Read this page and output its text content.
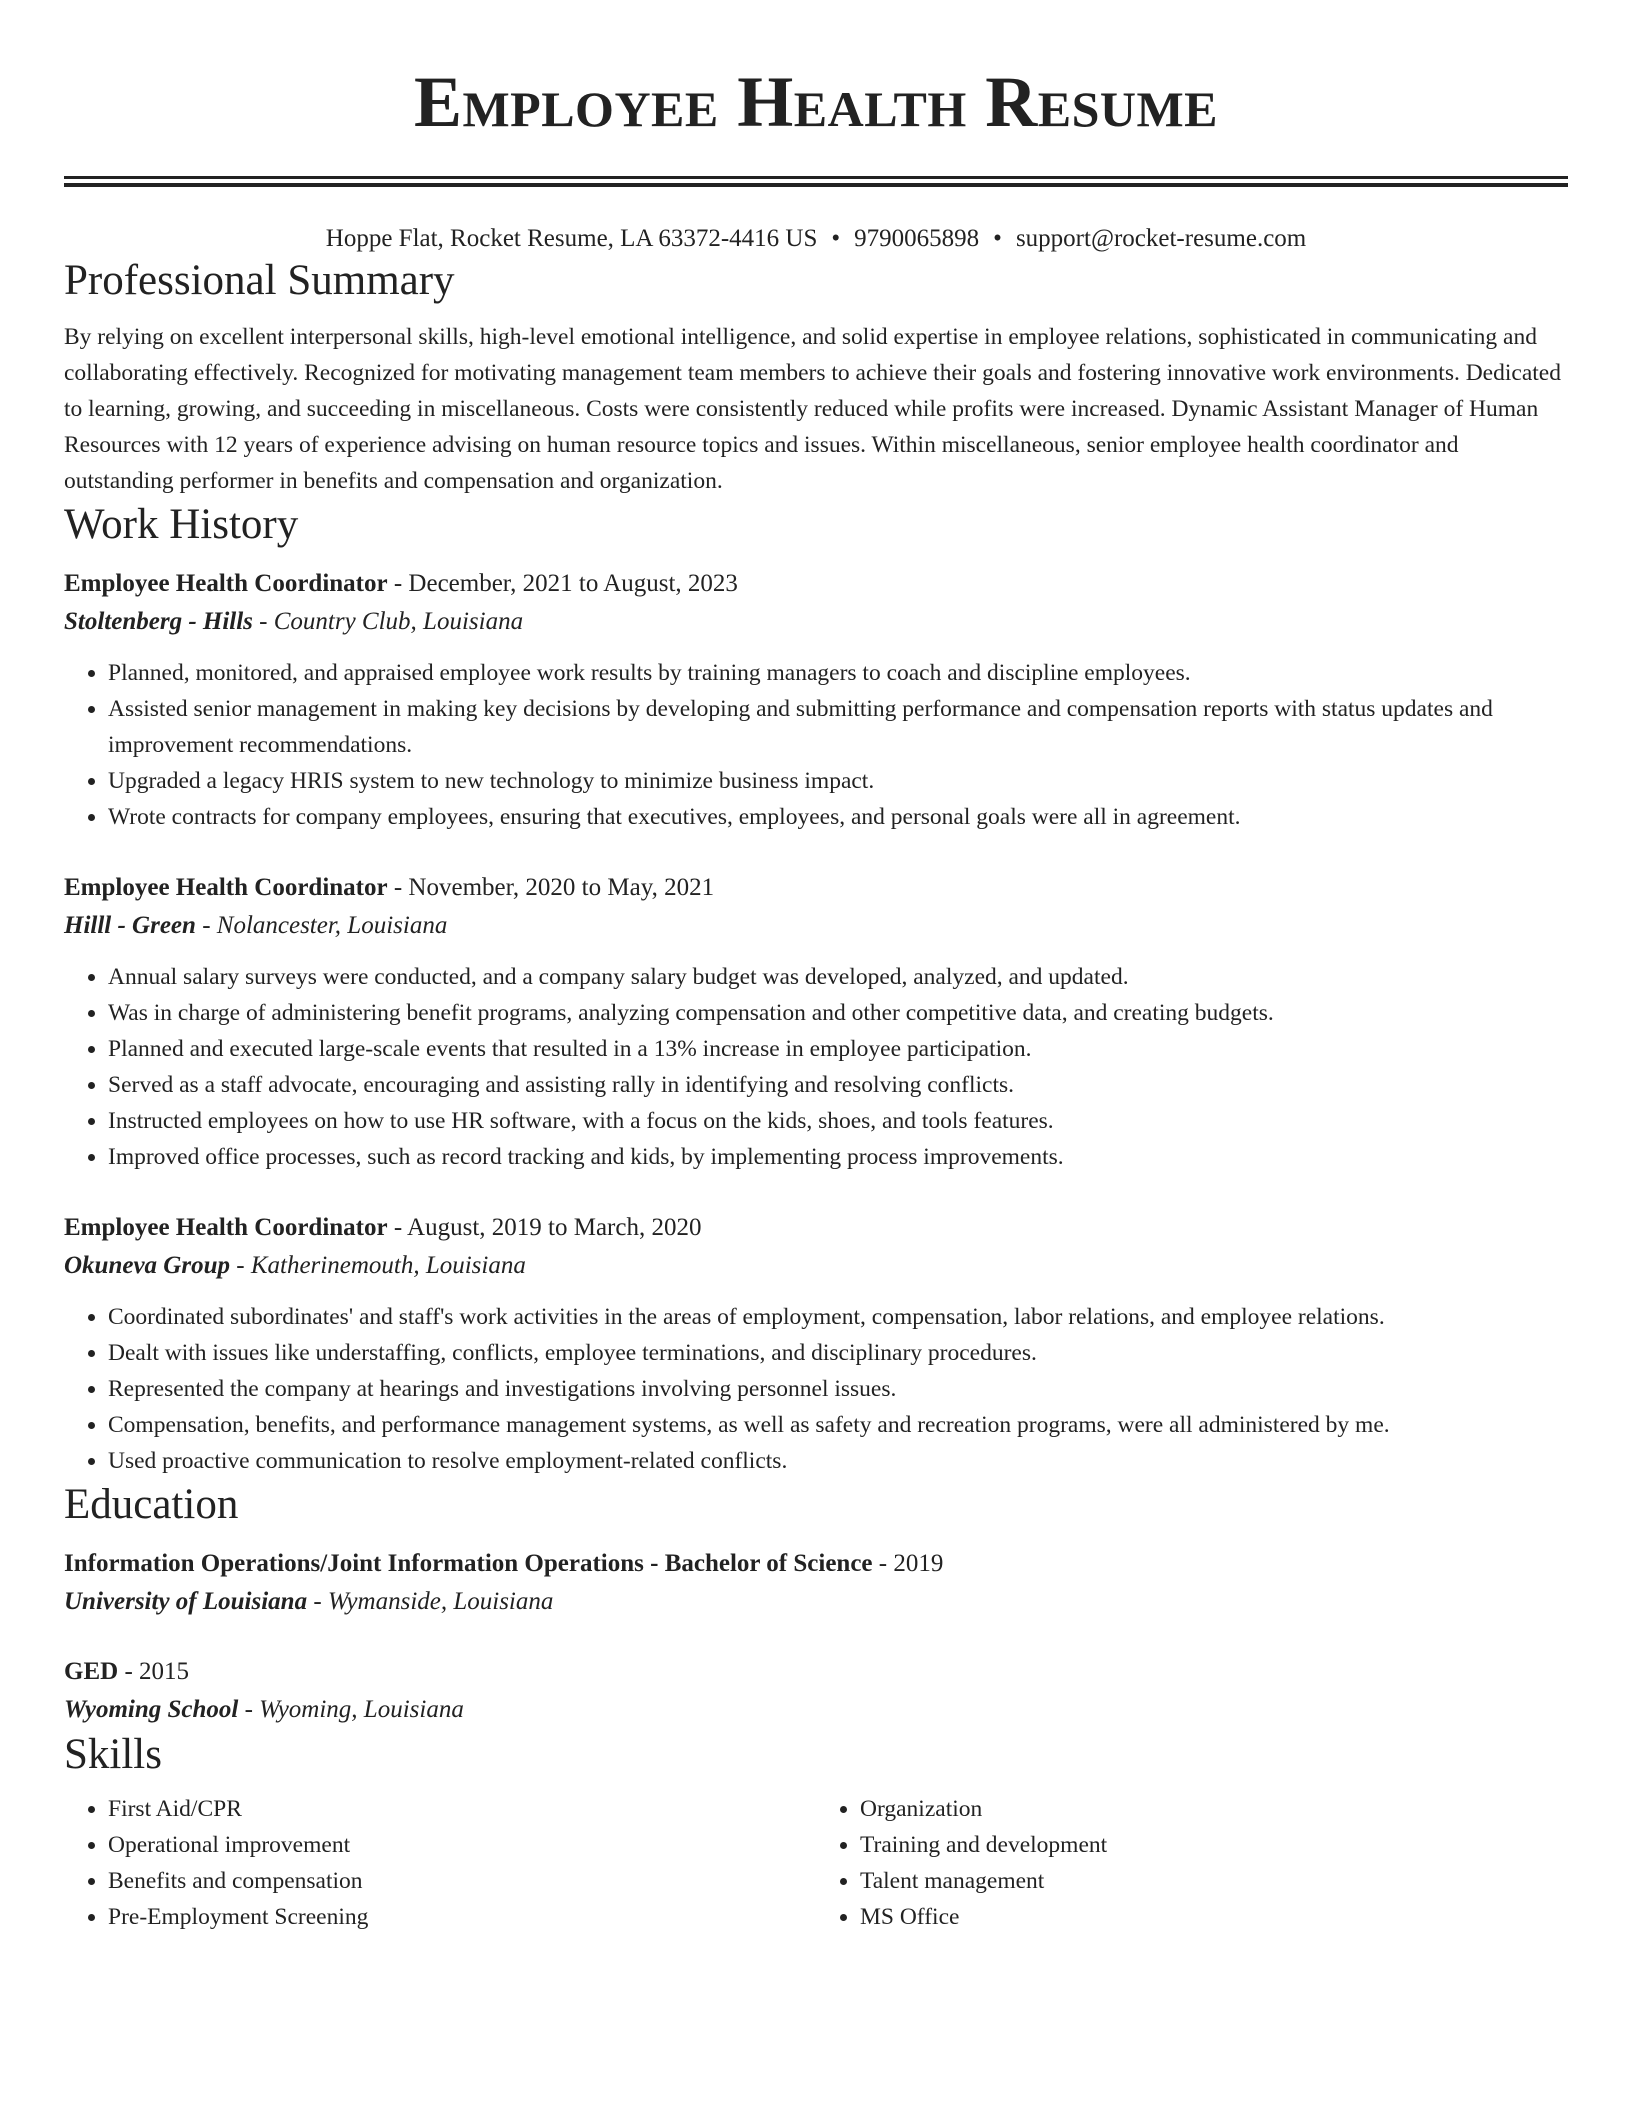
Employee Health Resume
Hoppe Flat, Rocket Resume, LA 63372-4416 US • 9790065898 • support@rocket-resume.com
Professional Summary
By relying on excellent interpersonal skills, high-level emotional intelligence, and solid expertise in employee relations, sophisticated in communicating and collaborating effectively. Recognized for motivating management team members to achieve their goals and fostering innovative work environments. Dedicated to learning, growing, and succeeding in miscellaneous. Costs were consistently reduced while profits were increased. Dynamic Assistant Manager of Human Resources with 12 years of experience advising on human resource topics and issues. Within miscellaneous, senior employee health coordinator and outstanding performer in benefits and compensation and organization.
Work History
Employee Health Coordinator - December, 2021 to August, 2023
Stoltenberg - Hills - Country Club, Louisiana
• Planned, monitored, and appraised employee work results by training managers to coach and discipline employees.
• Assisted senior management in making key decisions by developing and submitting performance and compensation reports with status updates and improvement recommendations.
• Upgraded a legacy HRIS system to new technology to minimize business impact.
• Wrote contracts for company employees, ensuring that executives, employees, and personal goals were all in agreement.
Employee Health Coordinator - November, 2020 to May, 2021
Hilll - Green - Nolancester, Louisiana
• Annual salary surveys were conducted, and a company salary budget was developed, analyzed, and updated.
• Was in charge of administering benefit programs, analyzing compensation and other competitive data, and creating budgets.
• Planned and executed large-scale events that resulted in a 13% increase in employee participation.
• Served as a staff advocate, encouraging and assisting rally in identifying and resolving conflicts.
• Instructed employees on how to use HR software, with a focus on the kids, shoes, and tools features.
• Improved office processes, such as record tracking and kids, by implementing process improvements.
Employee Health Coordinator - August, 2019 to March, 2020
Okuneva Group - Katherinemouth, Louisiana
• Coordinated subordinates' and staff's work activities in the areas of employment, compensation, labor relations, and employee relations.
• Dealt with issues like understaffing, conflicts, employee terminations, and disciplinary procedures.
• Represented the company at hearings and investigations involving personnel issues.
• Compensation, benefits, and performance management systems, as well as safety and recreation programs, were all administered by me.
• Used proactive communication to resolve employment-related conflicts.
Education
Information Operations/Joint Information Operations - Bachelor of Science - 2019
University of Louisiana - Wymanside, Louisiana
GED - 2015
Wyoming School - Wyoming, Louisiana
Skills
• First Aid/CPR
• Operational improvement
• Benefits and compensation
• Pre-Employment Screening
• Organization
• Training and development
• Talent management
• MS Office
